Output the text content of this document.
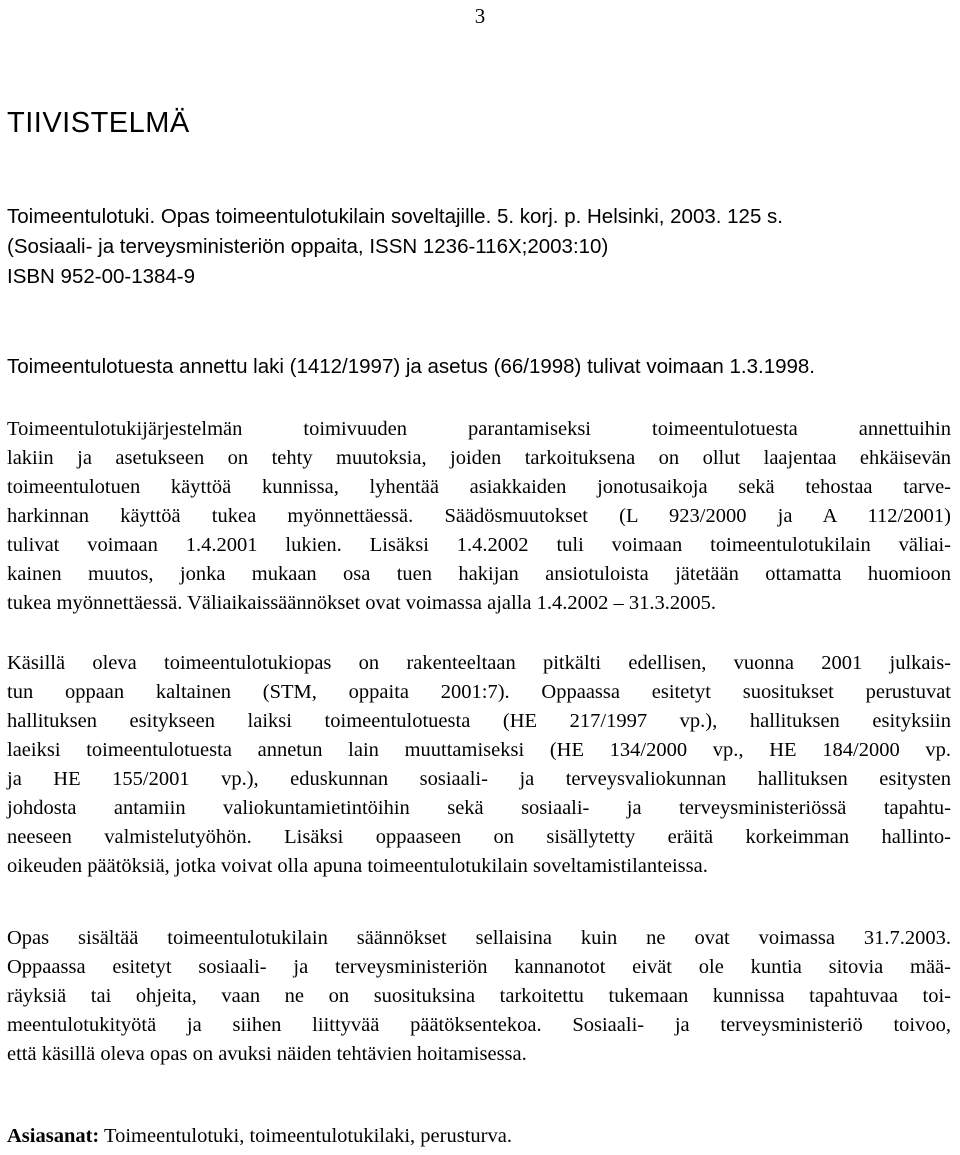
3
TIIVISTELMÄ
Toimeentulotuki. Opas toimeentulotukilain soveltajille. 5. korj. p. Helsinki, 2003. 125 s.
(Sosiaali- ja terveysministeriön oppaita, ISSN 1236-116X;2003:10)
ISBN 952-00-1384-9
Toimeentulotuesta annettu laki (1412/1997) ja asetus (66/1998) tulivat voimaan 1.3.1998.
Toimeentulotukijärjestelmän toimivuuden parantamiseksi toimeentulotuesta annettuihin
lakiin ja asetukseen on tehty muutoksia, joiden tarkoituksena on ollut laajentaa ehkäisevän
toimeentulotuen käyttöä kunnissa, lyhentää asiakkaiden jonotusaikoja sekä tehostaa tarve-
harkinnan käyttöä tukea myönnettäessä. Säädösmuutokset (L 923/2000 ja A 112/2001)
tulivat voimaan 1.4.2001 lukien. Lisäksi 1.4.2002 tuli voimaan toimeentulotukilain väliai-
kainen muutos, jonka mukaan osa tuen hakijan ansiotuloista jätetään ottamatta huomioon
tukea myönnettäessä. Väliaikaissäännökset ovat voimassa ajalla 1.4.2002 – 31.3.2005.
Käsillä oleva toimeentulotukiopas on rakenteeltaan pitkälti edellisen, vuonna 2001 julkais-
tun oppaan kaltainen (STM, oppaita 2001:7). Oppaassa esitetyt suositukset perustuvat
hallituksen esitykseen laiksi toimeentulotuesta (HE 217/1997 vp.), hallituksen esityksiin
laeiksi toimeentulotuesta annetun lain muuttamiseksi (HE 134/2000 vp., HE 184/2000 vp.
ja HE 155/2001 vp.), eduskunnan sosiaali- ja terveysvaliokunnan hallituksen esitysten
johdosta antamiin valiokuntamietintöihin sekä sosiaali- ja terveysministeriössä tapahtu-
neeseen valmistelutyöhön. Lisäksi oppaaseen on sisällytetty eräitä korkeimman hallinto-
oikeuden päätöksiä, jotka voivat olla apuna toimeentulotukilain soveltamistilanteissa.
Opas sisältää toimeentulotukilain säännökset sellaisina kuin ne ovat voimassa 31.7.2003.
Oppaassa esitetyt sosiaali- ja terveysministeriön kannanotot eivät ole kuntia sitovia mää-
räyksiä tai ohjeita, vaan ne on suosituksina tarkoitettu tukemaan kunnissa tapahtuvaa toi-
meentulotukityötä ja siihen liittyvää päätöksentekoa. Sosiaali- ja terveysministeriö toivoo,
että käsillä oleva opas on avuksi näiden tehtävien hoitamisessa.
Asiasanat: Toimeentulotuki, toimeentulotukilaki, perusturva.
